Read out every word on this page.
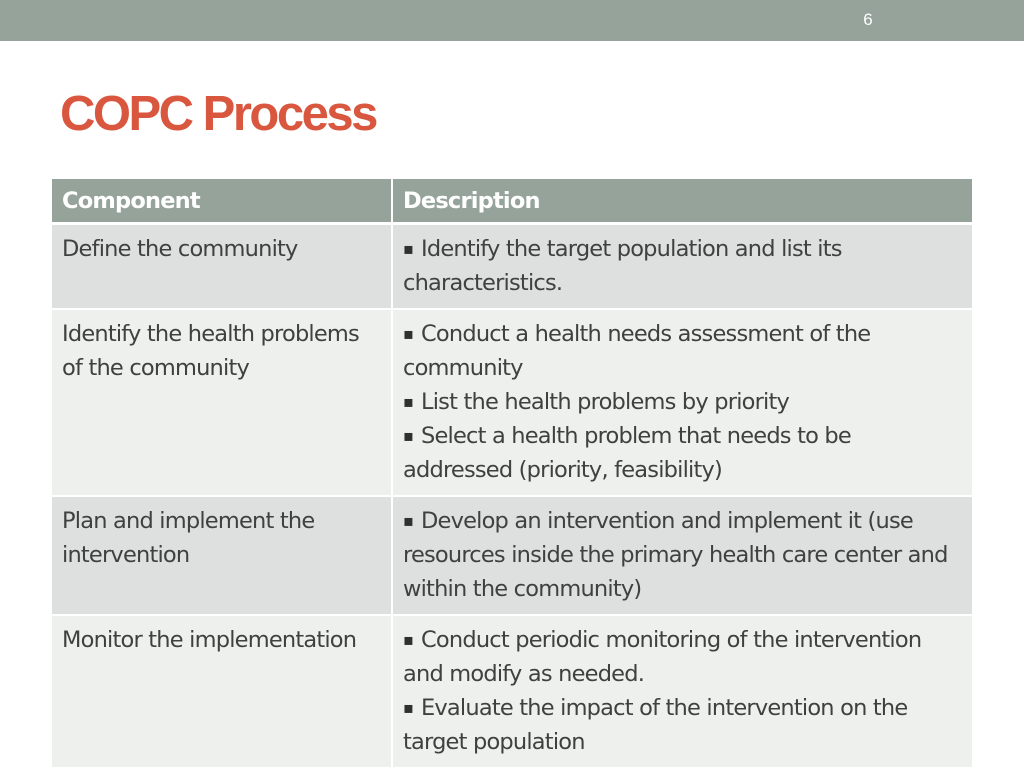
6
COPC Process
Component	Description
Define the community	▪ Identify the target population and list its characteristics.

Identify the health problems of the community	▪ Conduct a health needs assessment of the community
▪ List the health problems by priority
▪ Select a health problem that needs to be addressed (priority, feasibility)

Plan and implement the intervention	▪ Develop an intervention and implement it (use resources inside the primary health care center and within the community)

Monitor the implementation	▪ Conduct periodic monitoring of the intervention and modify as needed.
▪ Evaluate the impact of the intervention on the target population
